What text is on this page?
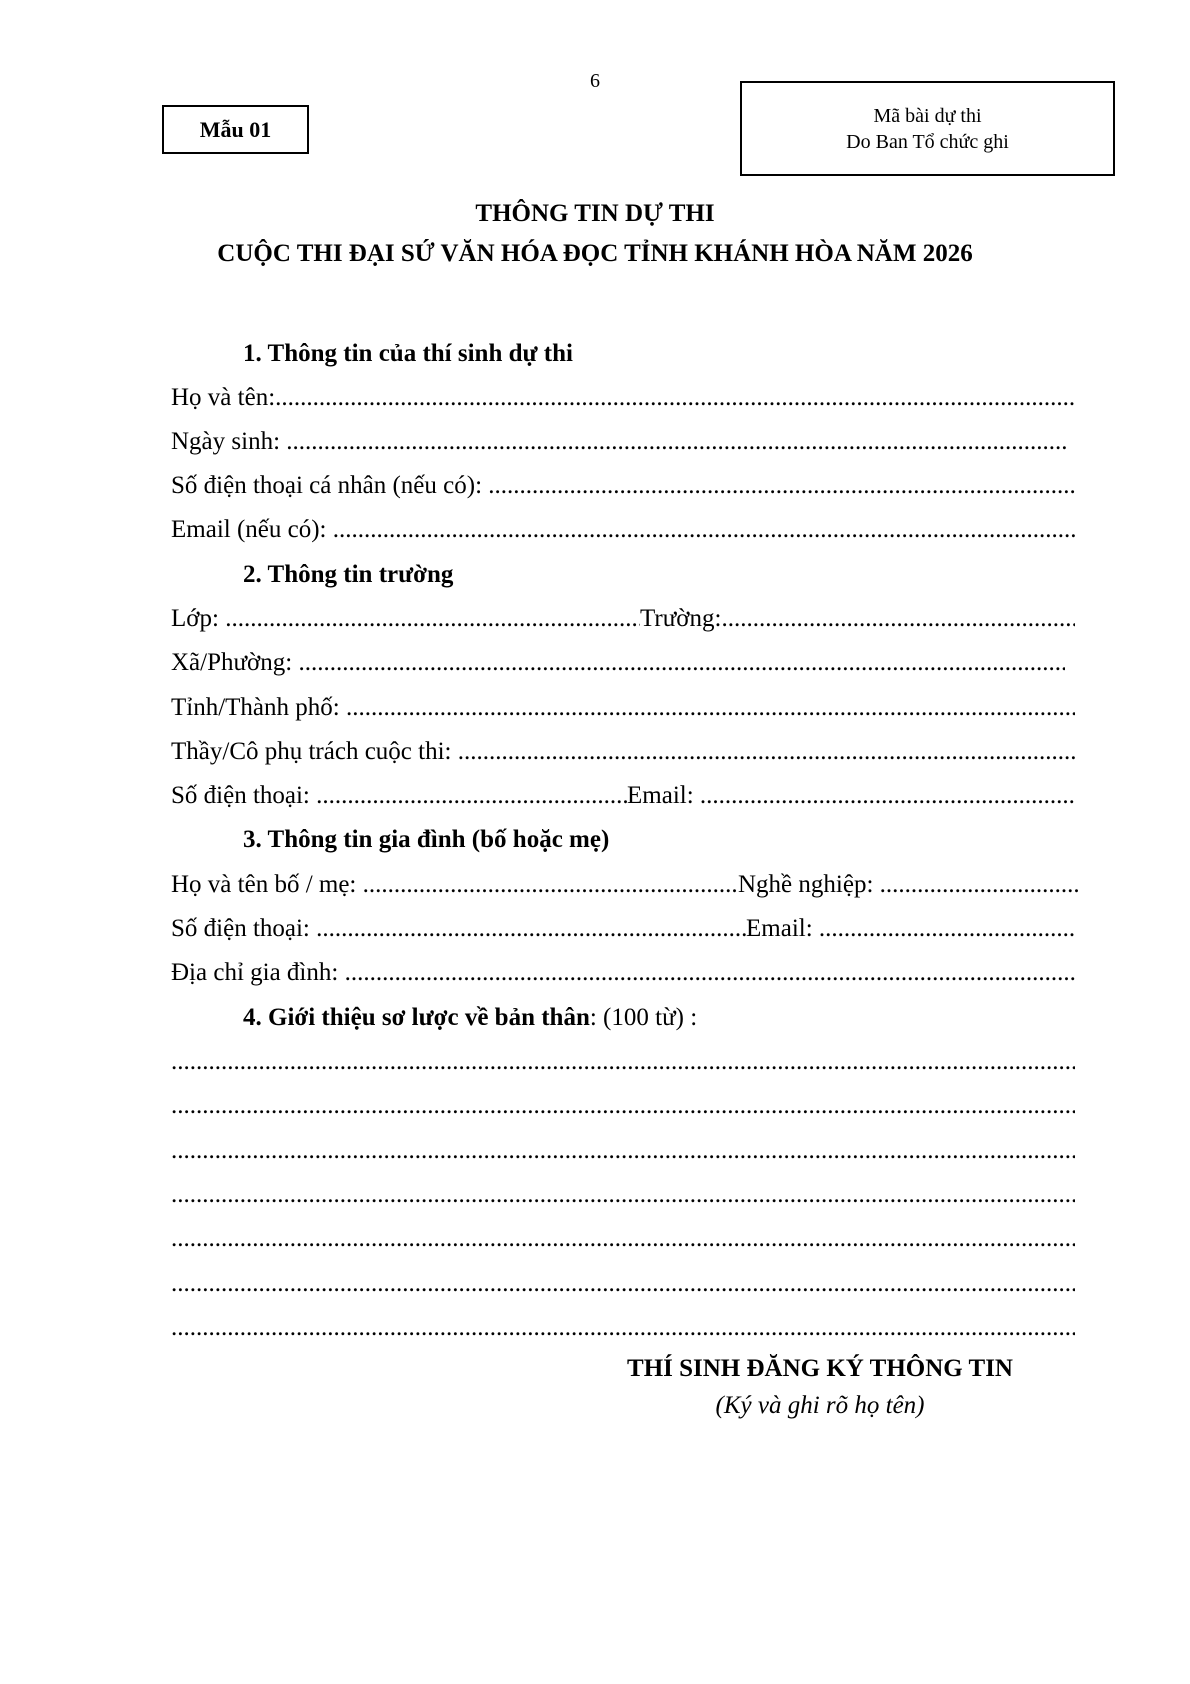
6
Mẫu 01
Mã bài dự thi
Do Ban Tổ chức ghi
THÔNG TIN DỰ THI
CUỘC THI ĐẠI SỨ VĂN HÓA ĐỌC TỈNH KHÁNH HÒA NĂM 2026
1. Thông tin của thí sinh dự thi
Họ và tên:
.....
Ngày sinh:
.....
Số điện thoại cá nhân (nếu có):
.....
Email (nếu có):
.....
2. Thông tin trường
Lớp: .....	Trường:
.....
Xã/Phường:
.....
Tỉnh/Thành phố:
.....
Thầy/Cô phụ trách cuộc thi:
.....
Số điện thoại: .....	Email:
.....
3. Thông tin gia đình (bố hoặc mẹ)
Họ và tên bố / mẹ: .....	Nghề nghiệp:
.....
Số điện thoại: .....	Email:
.....
Địa chỉ gia đình:
.....
4. Giới thiệu sơ lược về bản thân: (100 từ) :
.....
.....
.....
.....
.....
.....
.....
THÍ SINH ĐĂNG KÝ THÔNG TIN
(Ký và ghi rõ họ tên)
